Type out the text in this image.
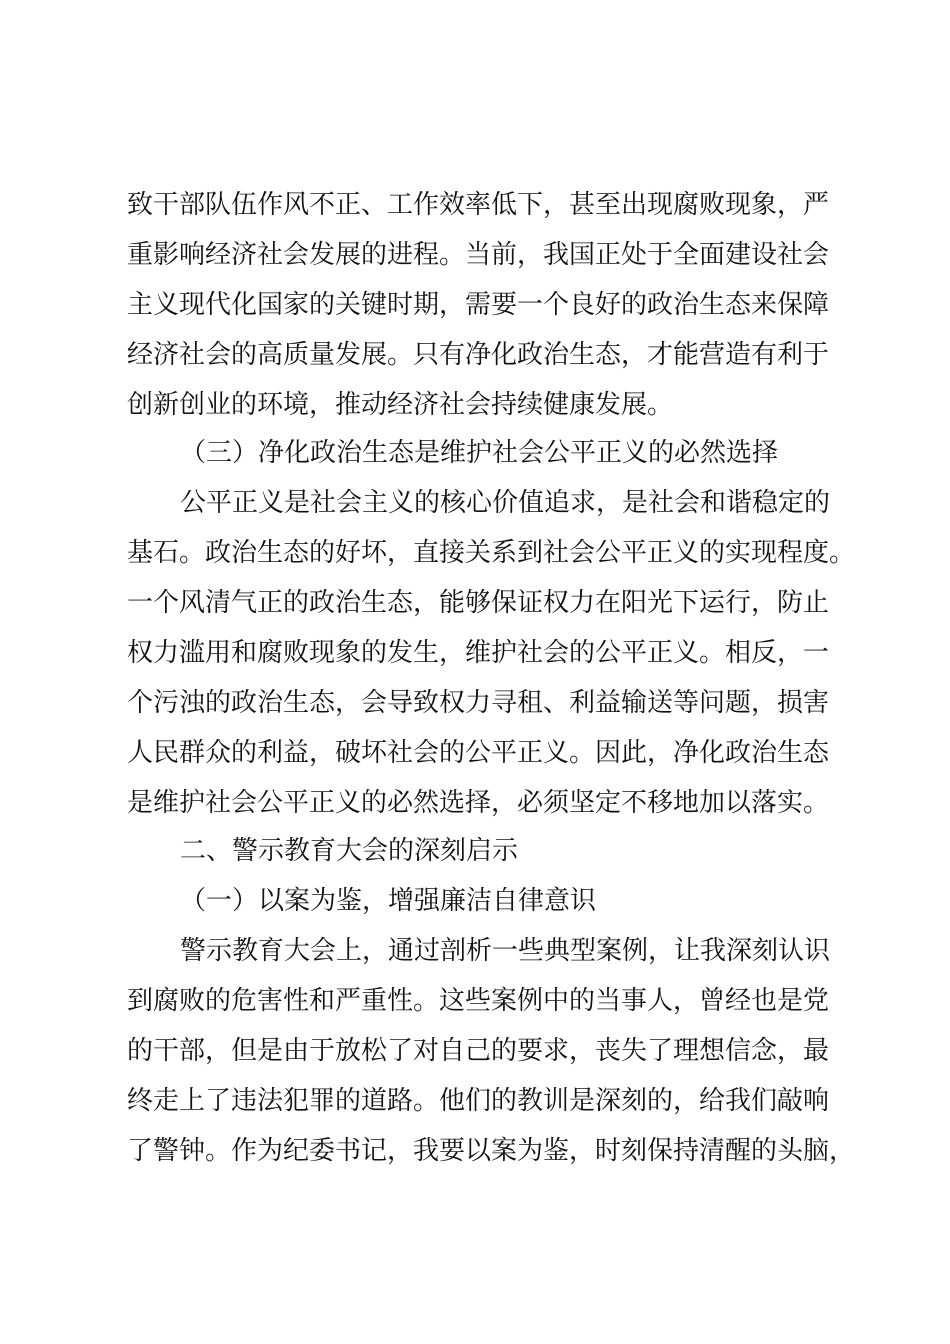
致干部队伍作风不正、工作效率低下，甚至出现腐败现象，严
重影响经济社会发展的进程。当前，我国正处于全面建设社会
主义现代化国家的关键时期，需要一个良好的政治生态来保障
经济社会的高质量发展。只有净化政治生态，才能营造有利于
创新创业的环境，推动经济社会持续健康发展。
（三）净化政治生态是维护社会公平正义的必然选择
公平正义是社会主义的核心价值追求，是社会和谐稳定的
基石。政治生态的好坏，直接关系到社会公平正义的实现程度。
一个风清气正的政治生态，能够保证权力在阳光下运行，防止
权力滥用和腐败现象的发生，维护社会的公平正义。相反，一
个污浊的政治生态，会导致权力寻租、利益输送等问题，损害
人民群众的利益，破坏社会的公平正义。因此，净化政治生态
是维护社会公平正义的必然选择，必须坚定不移地加以落实。
二、警示教育大会的深刻启示
（一）以案为鉴，增强廉洁自律意识
警示教育大会上，通过剖析一些典型案例，让我深刻认识
到腐败的危害性和严重性。这些案例中的当事人，曾经也是党
的干部，但是由于放松了对自己的要求，丧失了理想信念，最
终走上了违法犯罪的道路。他们的教训是深刻的，给我们敲响
了警钟。作为纪委书记，我要以案为鉴，时刻保持清醒的头脑，
